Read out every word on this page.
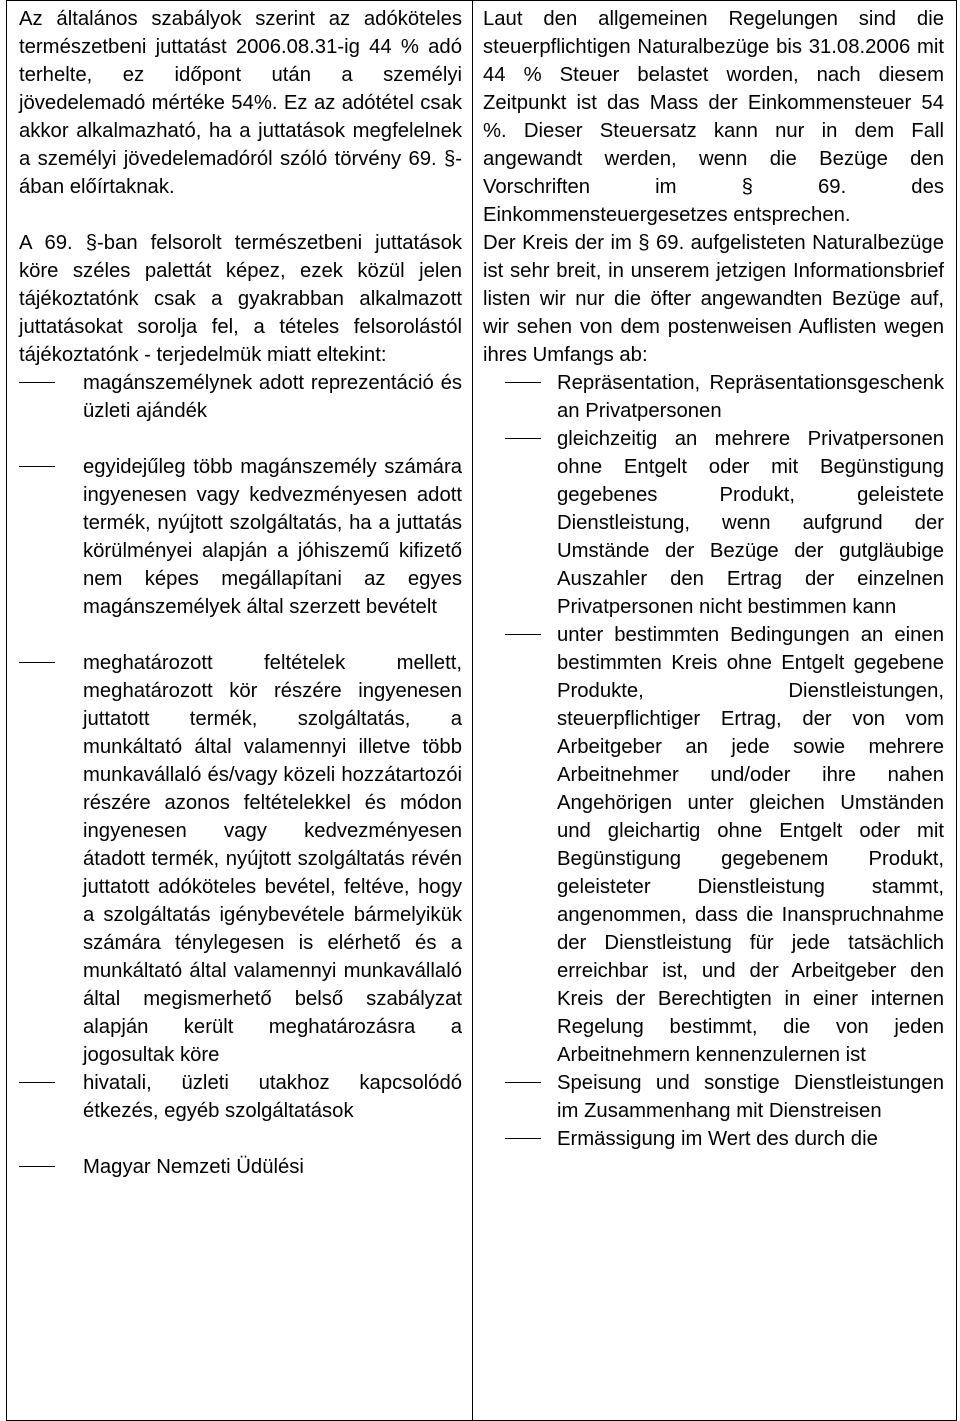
Az általános szabályok szerint az adóköteles természetbeni juttatást 2006.08.31-ig 44 % adó terhelte, ez időpont után a személyi jövedelemadó mértéke 54%. Ez az adótétel csak akkor alkalmazható, ha a juttatások megfelelnek a személyi jövedelemadóról szóló törvény 69. §-ában előírtaknak.

A 69. §-ban felsorolt természetbeni juttatások köre széles palettát képez, ezek közül jelen tájékoztatónk csak a gyakrabban alkalmazott juttatásokat sorolja fel, a tételes felsorolástól tájékoztatónk - terjedelmük miatt eltekint:

magánszemélynek adott reprezentáció és üzleti ajándék
egyidejűleg több magánszemély számára ingyenesen vagy kedvezményesen adott termék, nyújtott szolgáltatás, ha a juttatás körülményei alapján a jóhiszemű kifizető nem képes megállapítani az egyes magánszemélyek által szerzett bevételt
meghatározott feltételek mellett, meghatározott kör részére ingyenesen juttatott termék, szolgáltatás, a munkáltató által valamennyi illetve több munkavállaló és/vagy közeli hozzátartozói részére azonos feltételekkel és módon ingyenesen vagy kedvezményesen átadott termék, nyújtott szolgáltatás révén juttatott adóköteles bevétel, feltéve, hogy a szolgáltatás igénybevétele bármelyikük számára ténylegesen is elérhető és a munkáltató által valamennyi munkavállaló által megismerhető belső szabályzat alapján került meghatározásra a jogosultak köre
hivatali, üzleti utakhoz kapcsolódó étkezés, egyéb szolgáltatások
Magyar Nemzeti Üdülési

Laut den allgemeinen Regelungen sind die steuerpflichtigen Naturalbezüge bis 31.08.2006 mit 44 % Steuer belastet worden, nach diesem Zeitpunkt ist das Mass der Einkommensteuer 54 %. Dieser Steuersatz kann nur in dem Fall angewandt werden, wenn die Bezüge den Vorschriften im § 69. des Einkommensteuergesetzes entsprechen.

Der Kreis der im § 69. aufgelisteten Naturalbezüge ist sehr breit, in unserem jetzigen Informationsbrief listen wir nur die öfter angewandten Bezüge auf, wir sehen von dem postenweisen Auflisten wegen ihres Umfangs ab:

Repräsentation, Repräsentationsgeschenk an Privatpersonen
gleichzeitig an mehrere Privatpersonen ohne Entgelt oder mit Begünstigung gegebenes Produkt, geleistete Dienstleistung, wenn aufgrund der Umstände der Bezüge der gutgläubige Auszahler den Ertrag der einzelnen Privatpersonen nicht bestimmen kann
unter bestimmten Bedingungen an einen bestimmten Kreis ohne Entgelt gegebene Produkte, Dienstleistungen, steuerpflichtiger Ertrag, der von vom Arbeitgeber an jede sowie mehrere Arbeitnehmer und/oder ihre nahen Angehörigen unter gleichen Umständen und gleichartig ohne Entgelt oder mit Begünstigung gegebenem Produkt, geleisteter Dienstleistung stammt, angenommen, dass die Inanspruchnahme der Dienstleistung für jede tatsächlich erreichbar ist, und der Arbeitgeber den Kreis der Berechtigten in einer internen Regelung bestimmt, die von jeden Arbeitnehmern kennenzulernen ist
Speisung und sonstige Dienstleistungen im Zusammenhang mit Dienstreisen
Ermässigung im Wert des durch die
